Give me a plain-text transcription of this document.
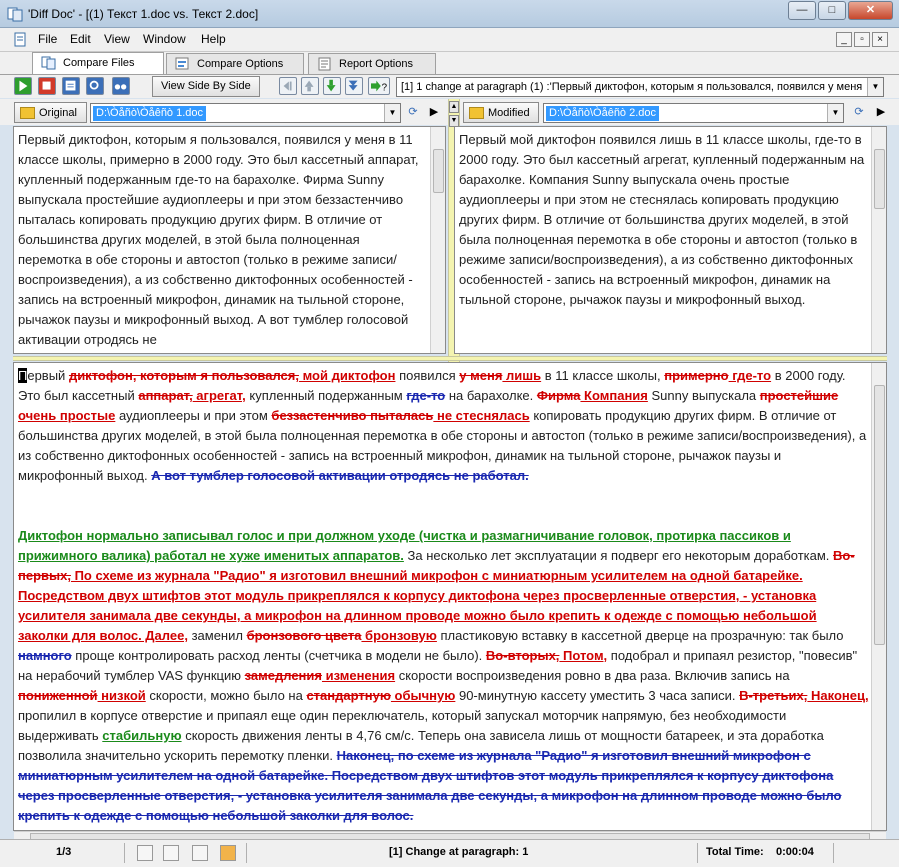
'Diff Doc' - [(1) Текст 1.doc vs. Текст 2.doc]	—	□	✕
File Edit View Window Help	_	▫	×
Compare Files	Compare Options	Report Options
View Side By Side	? [1] 1 change at paragraph (1) :'Первый диктофон, которым я пользовался, появился у меня	▼
Original D:\Òåñò\Òåêñò 1.doc	▼	⟳	▶	Modified D:\Òåñò\Òåêñò 2.doc	▼	⟳	▶
▲
▼
Первый диктофон, которым я пользовался, появился у меня в 11 классе школы, примерно в 2000 году. Это был кассетный аппарат, купленный подержанным где-то на барахолке. Фирма Sunny выпускала простейшие аудиоплееры и при этом беззастенчиво пыталась копировать продукцию других фирм. В отличие от большинства других моделей, в этой была полноценная перемотка в обе стороны и автостоп (только в режиме записи/воспроизведения), а из собственно диктофонных особенностей - запись на встроенный микрофон, динамик на тыльной стороне, рычажок паузы и микрофонный выход. А вот тумблер голосовой активации отродясь не
Первый мой диктофон появился лишь в 11 классе школы, где-то в 2000 году. Это был кассетный агрегат, купленный подержанным на барахолке. Компания Sunny выпускала очень простые аудиоплееры и при этом не стеснялась копировать продукцию других фирм. В отличие от большинства других моделей, в этой была полноценная перемотка в обе стороны и автостоп (только в режиме записи/воспроизведения), а из собственно диктофонных особенностей - запись на встроенный микрофон, динамик на тыльной стороне, рычажок паузы и микрофонный выход.
Первый диктофон, которым я пользовался, мой диктофон появился у меня лишь в 11 классе школы, примерно где-то в 2000 году. Это был кассетный аппарат, агрегат, купленный подержанным где-то на барахолке. Фирма Компания Sunny выпускала простейшие очень простые аудиоплееры и при этом беззастенчиво пыталась не стеснялась копировать продукцию других фирм. В отличие от большинства других моделей, в этой была полноценная перемотка в обе стороны и автостоп (только в режиме записи/воспроизведения), а из собственно диктофонных особенностей - запись на встроенный микрофон, динамик на тыльной стороне, рычажок паузы и микрофонный выход. А вот тумблер голосовой активации отродясь не работал.
Диктофон нормально записывал голос и при должном уходе (чистка и размагничивание головок, протирка пассиков и прижимного валика) работал не хуже именитых аппаратов. За несколько лет эксплуатации я подверг его некоторым доработкам. Во-первых, По схеме из журнала "Радио" я изготовил внешний микрофон с миниатюрным усилителем на одной батарейке. Посредством двух штифтов этот модуль прикреплялся к корпусу диктофона через просверленные отверстия, - установка усилителя занимала две секунды, а микрофон на длинном проводе можно было крепить к одежде с помощью небольшой заколки для волос. Далее, заменил бронзового цвета бронзовую пластиковую вставку в кассетной дверце на прозрачную: так было намного проще контролировать расход ленты (счетчика в модели не было). Во-вторых, Потом, подобрал и припаял резистор, "повесив" на нерабочий тумблер VAS функцию замедления изменения скорости воспроизведения ровно в два раза. Включив запись на пониженной низкой скорости, можно было на стандартную обычную 90-минутную кассету уместить 3 часа записи. В-третьих, Наконец, пропилил в корпусе отверстие и припаял еще один переключатель, который запускал моторчик напрямую, без необходимости выдерживать стабильную скорость движения ленты в 4,76 см/с. Теперь она зависела лишь от мощности батареек, и эта доработка позволила значительно ускорить перемотку пленки. Наконец, по схеме из журнала "Радио" я изготовил внешний микрофон с миниатюрным усилителем на одной батарейке. Посредством двух штифтов этот модуль прикреплялся к корпусу диктофона через просверленные отверстия, - установка усилителя занимала две секунды, а микрофон на длинном проводе можно было крепить к одежде с помощью небольшой заколки для волос.
1/3	[1] Change at paragraph: 1	Total Time: 0:00:04
